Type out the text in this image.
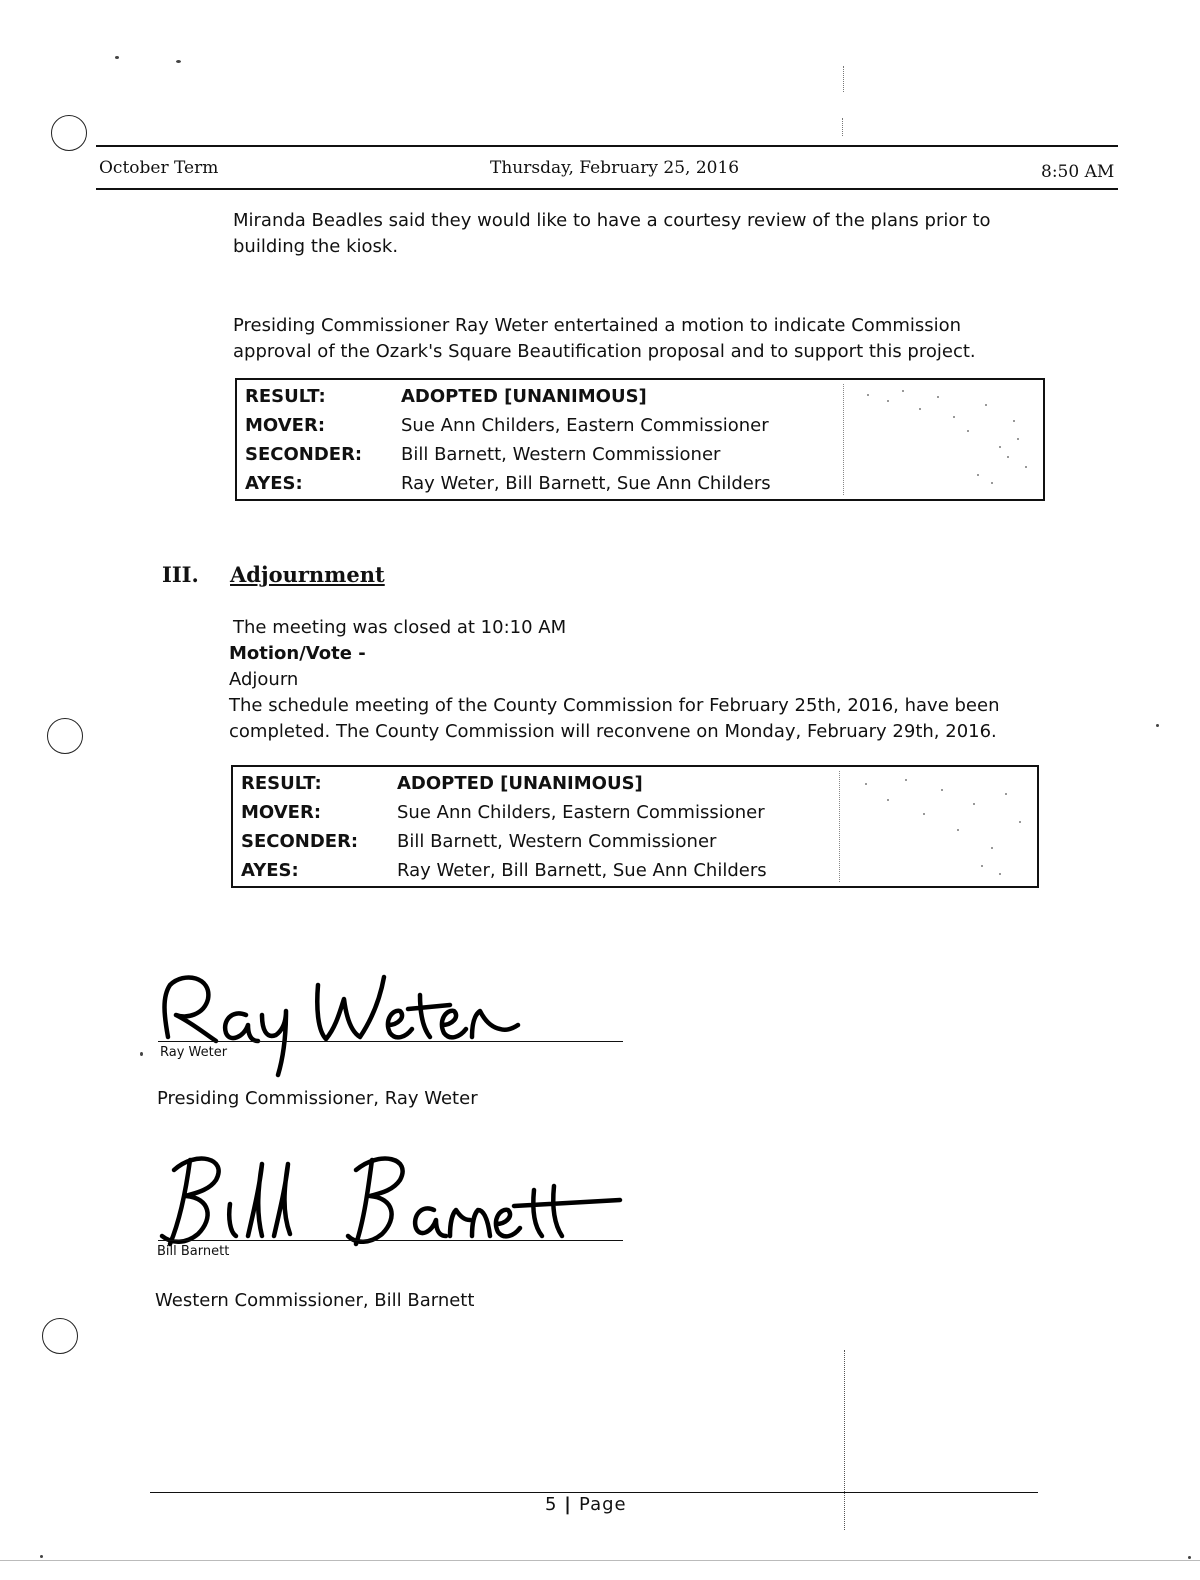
October Term	Thursday, February 25, 2016	8:50 AM
Miranda Beadles said they would like to have a courtesy review of the plans prior to
building the kiosk.
Presiding Commissioner Ray Weter entertained a motion to indicate Commission
approval of the Ozark's Square Beautification proposal and to support this project.
RESULT:	ADOPTED [UNANIMOUS]
MOVER:	Sue Ann Childers, Eastern Commissioner
SECONDER: Bill Barnett, Western Commissioner
AYES:	Ray Weter, Bill Barnett, Sue Ann Childers
III. Adjournment
The meeting was closed at 10:10 AM
Motion/Vote -
Adjourn
The schedule meeting of the County Commission for February 25th, 2016, have been
completed. The County Commission will reconvene on Monday, February 29th, 2016.
RESULT:	ADOPTED [UNANIMOUS]
MOVER:	Sue Ann Childers, Eastern Commissioner
SECONDER: Bill Barnett, Western Commissioner
AYES:	Ray Weter, Bill Barnett, Sue Ann Childers
Ray Weter
Presiding Commissioner, Ray Weter
Bill Barnett
Western Commissioner, Bill Barnett
5 | Page
